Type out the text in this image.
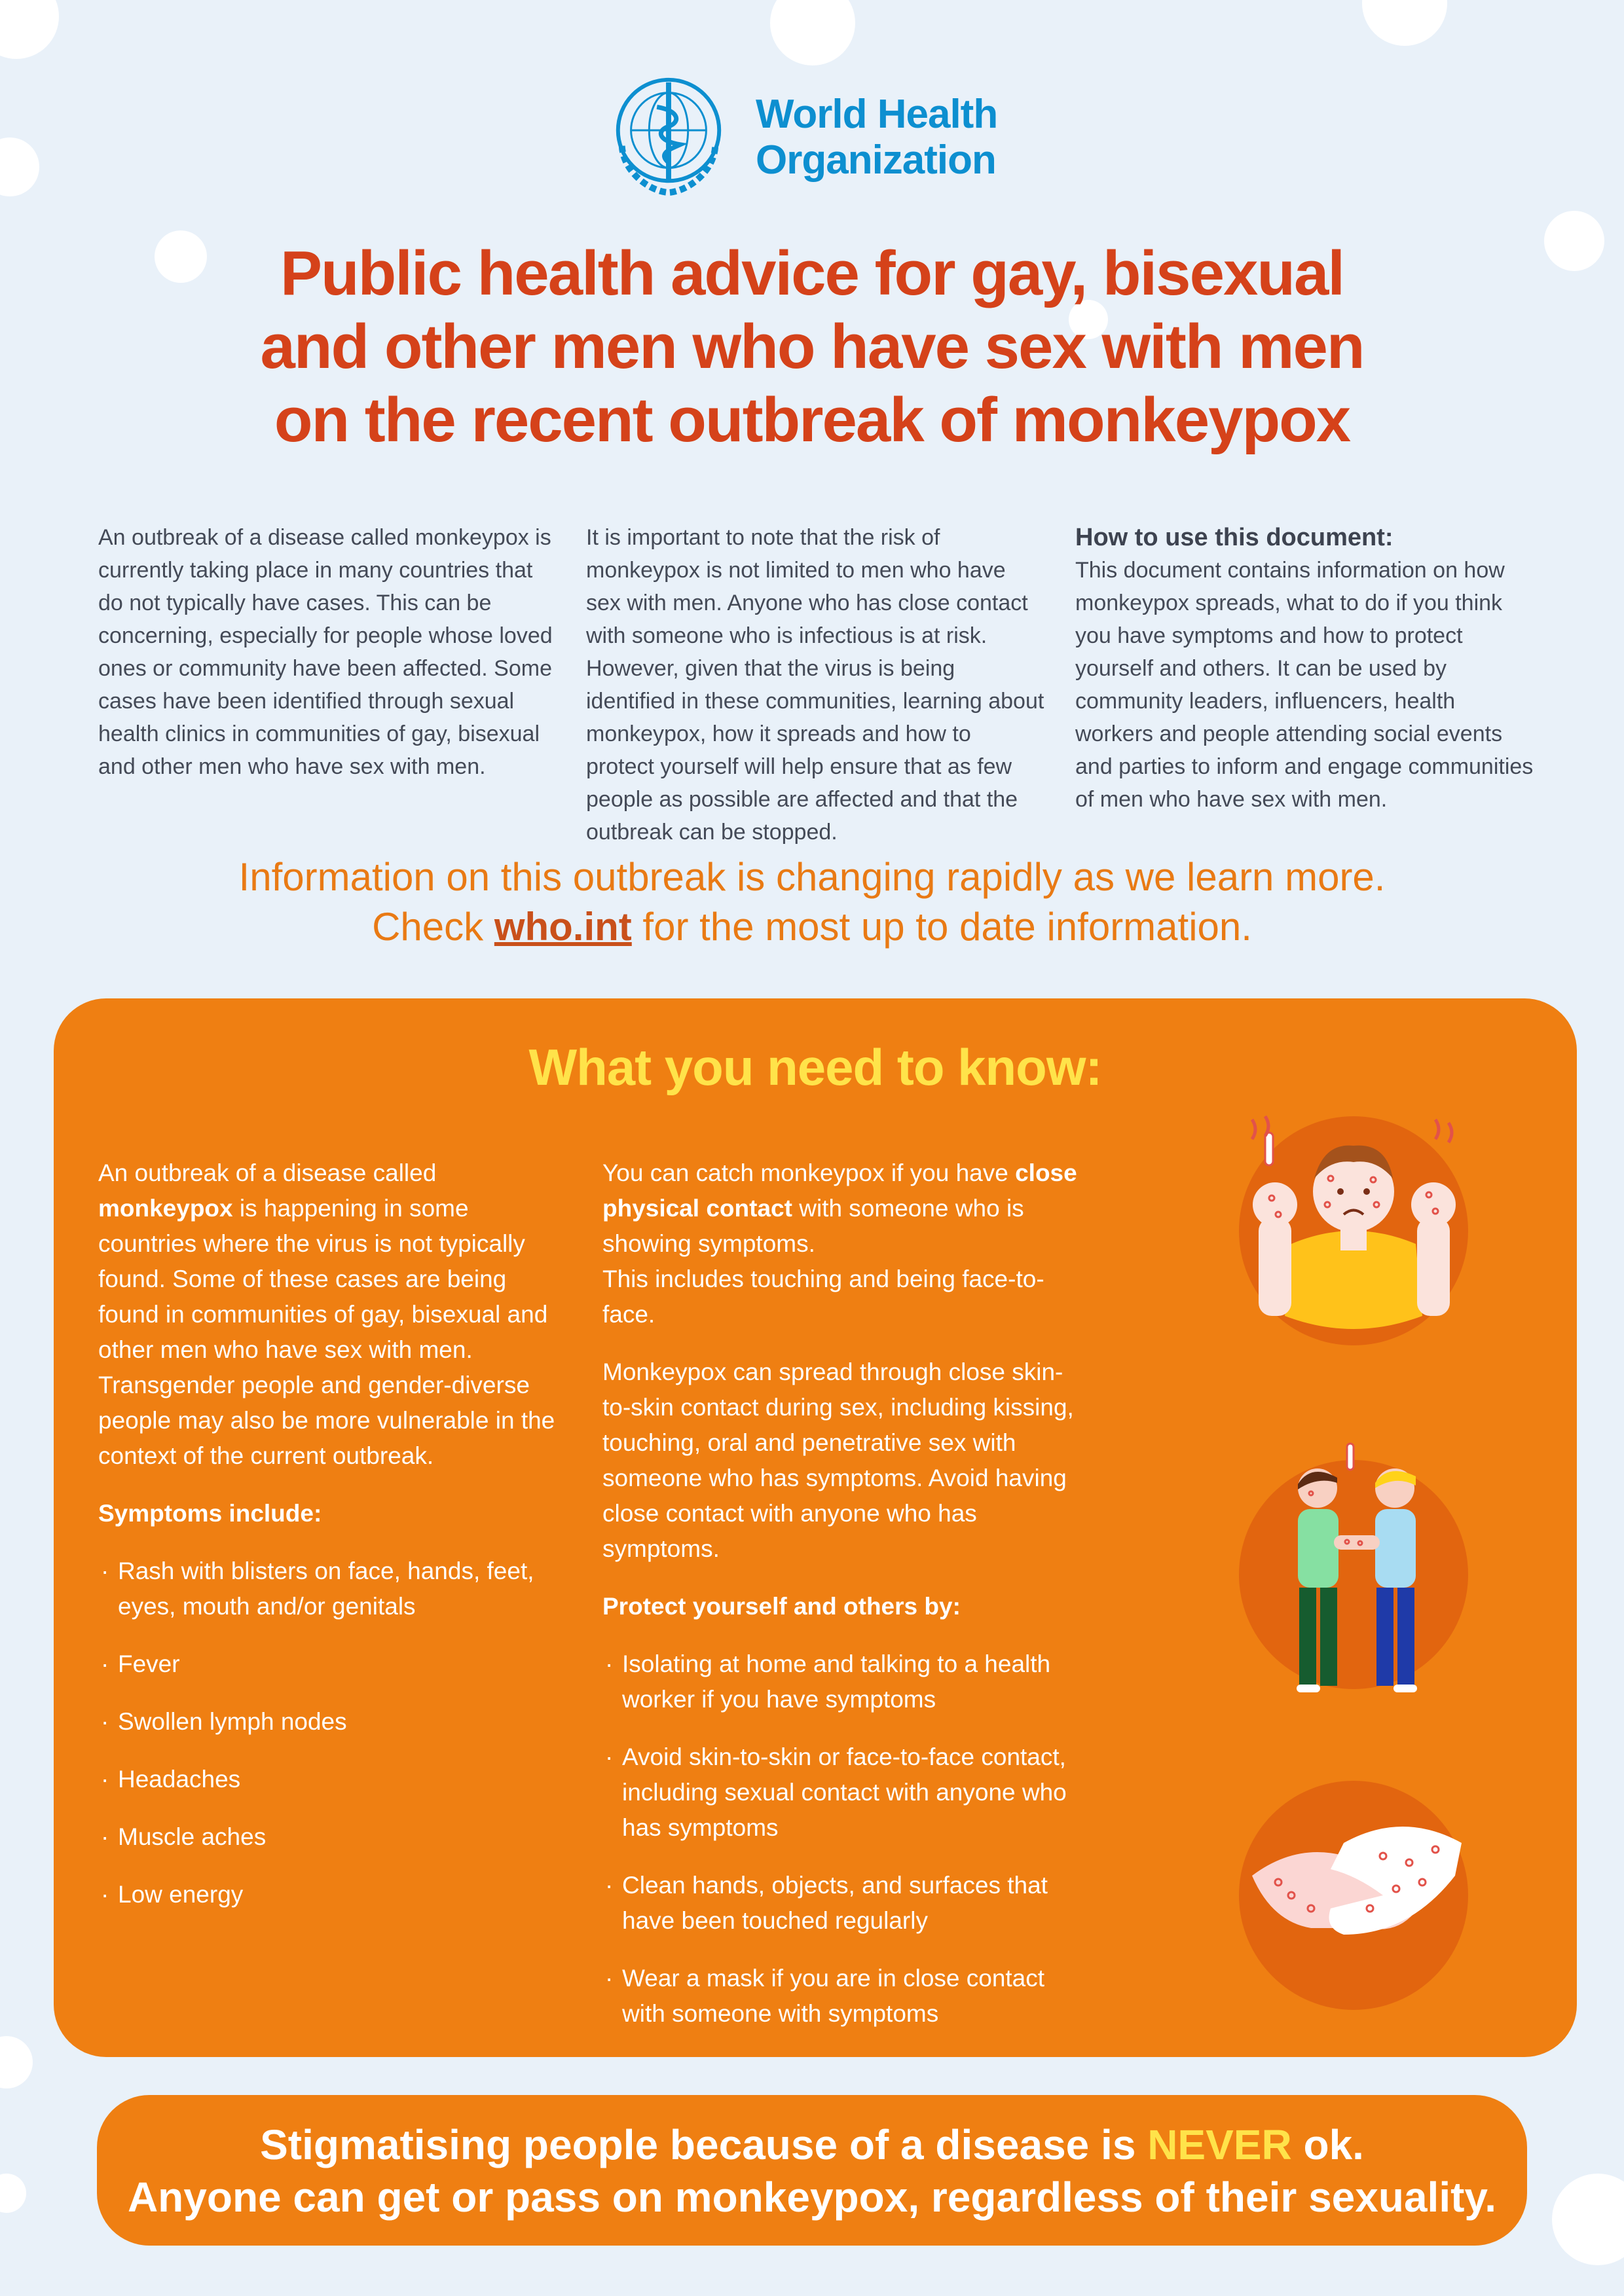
World Health
Organization
Public health advice for gay, bisexual
and other men who have sex with men
on the recent outbreak of monkeypox

An outbreak of a disease called monkeypox is currently taking place in many countries that do not typically have cases. This can be concerning, especially for people whose loved ones or community have been affected. Some cases have been identified through sexual health clinics in communities of gay, bisexual and other men who have sex with men.

It is important to note that the risk of monkeypox is not limited to men who have sex with men. Anyone who has close contact with someone who is infectious is at risk. However, given that the virus is being identified in these communities, learning about monkeypox, how it spreads and how to protect yourself will help ensure that as few people as possible are affected and that the outbreak can be stopped.

How to use this document:

This document contains information on how monkeypox spreads, what to do if you think you have symptoms and how to protect yourself and others. It can be used by community leaders, influencers, health workers and people attending social events and parties to inform and engage communities of men who have sex with men.

Information on this outbreak is changing rapidly as we learn more.
Check who.int for the most up to date information.
What you need to know:

An outbreak of a disease called monkeypox is happening in some countries where the virus is not typically found. Some of these cases are being found in communities of gay, bisexual and other men who have sex with men. Transgender people and gender-diverse people may also be more vulnerable in the context of the current outbreak.

Symptoms include:
· Rash with blisters on face, hands, feet, eyes, mouth and/or genitals
· Fever
· Swollen lymph nodes
· Headaches
· Muscle aches
· Low energy

You can catch monkeypox if you have close physical contact with someone who is showing symptoms.
This includes touching and being face-to-face.

Monkeypox can spread through close skin-to-skin contact during sex, including kissing, touching, oral and penetrative sex with someone who has symptoms. Avoid having close contact with anyone who has symptoms.

Protect yourself and others by:
· Isolating at home and talking to a health worker if you have symptoms
· Avoid skin-to-skin or face-to-face contact, including sexual contact with anyone who has symptoms
· Clean hands, objects, and surfaces that have been touched regularly
· Wear a mask if you are in close contact with someone with symptoms
Stigmatising people because of a disease is NEVER ok.
Anyone can get or pass on monkeypox, regardless of their sexuality.
